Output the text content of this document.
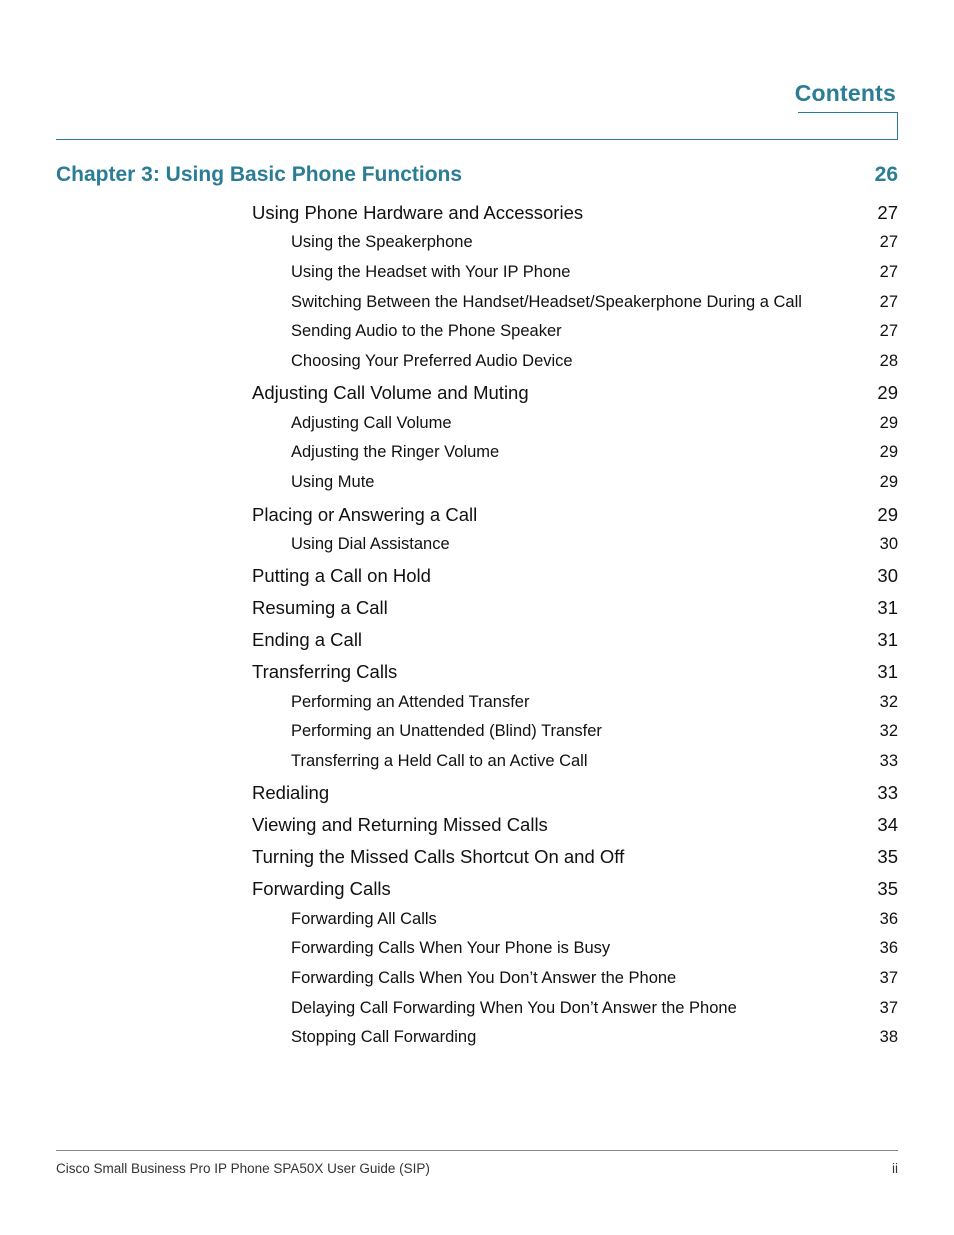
Contents
Chapter 3: Using Basic Phone Functions	26
Using Phone Hardware and Accessories	27
Using the Speakerphone	27
Using the Headset with Your IP Phone	27
Switching Between the Handset/Headset/Speakerphone During a Call	27
Sending Audio to the Phone Speaker	27
Choosing Your Preferred Audio Device	28
Adjusting Call Volume and Muting	29
Adjusting Call Volume	29
Adjusting the Ringer Volume	29
Using Mute	29
Placing or Answering a Call	29
Using Dial Assistance	30
Putting a Call on Hold	30
Resuming a Call	31
Ending a Call	31
Transferring Calls	31
Performing an Attended Transfer	32
Performing an Unattended (Blind) Transfer	32
Transferring a Held Call to an Active Call	33
Redialing	33
Viewing and Returning Missed Calls	34
Turning the Missed Calls Shortcut On and Off	35
Forwarding Calls	35
Forwarding All Calls	36
Forwarding Calls When Your Phone is Busy	36
Forwarding Calls When You Don’t Answer the Phone	37
Delaying Call Forwarding When You Don’t Answer the Phone	37
Stopping Call Forwarding	38
Cisco Small Business Pro IP Phone SPA50X User Guide (SIP)	ii
